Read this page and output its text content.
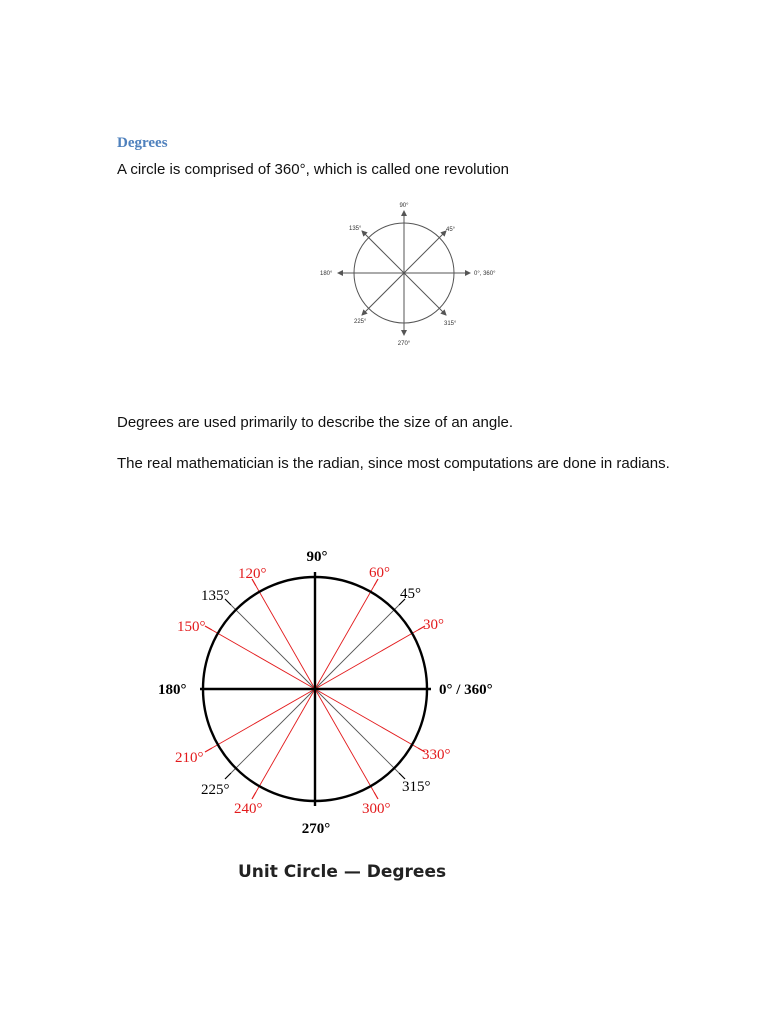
Degrees
A circle is comprised of 360°, which is called one revolution
90°
45°
0°, 360°
315°
270°
225°
180°
135°
90°
60°
45°
30°
0° / 360°
330°
315°
300°
270°
240°
225°
210°
180°
150°
135°
120°
Degrees are used primarily to describe the size of an angle.
The real mathematician is the radian, since most computations are done in radians.
Unit Circle — Degrees
